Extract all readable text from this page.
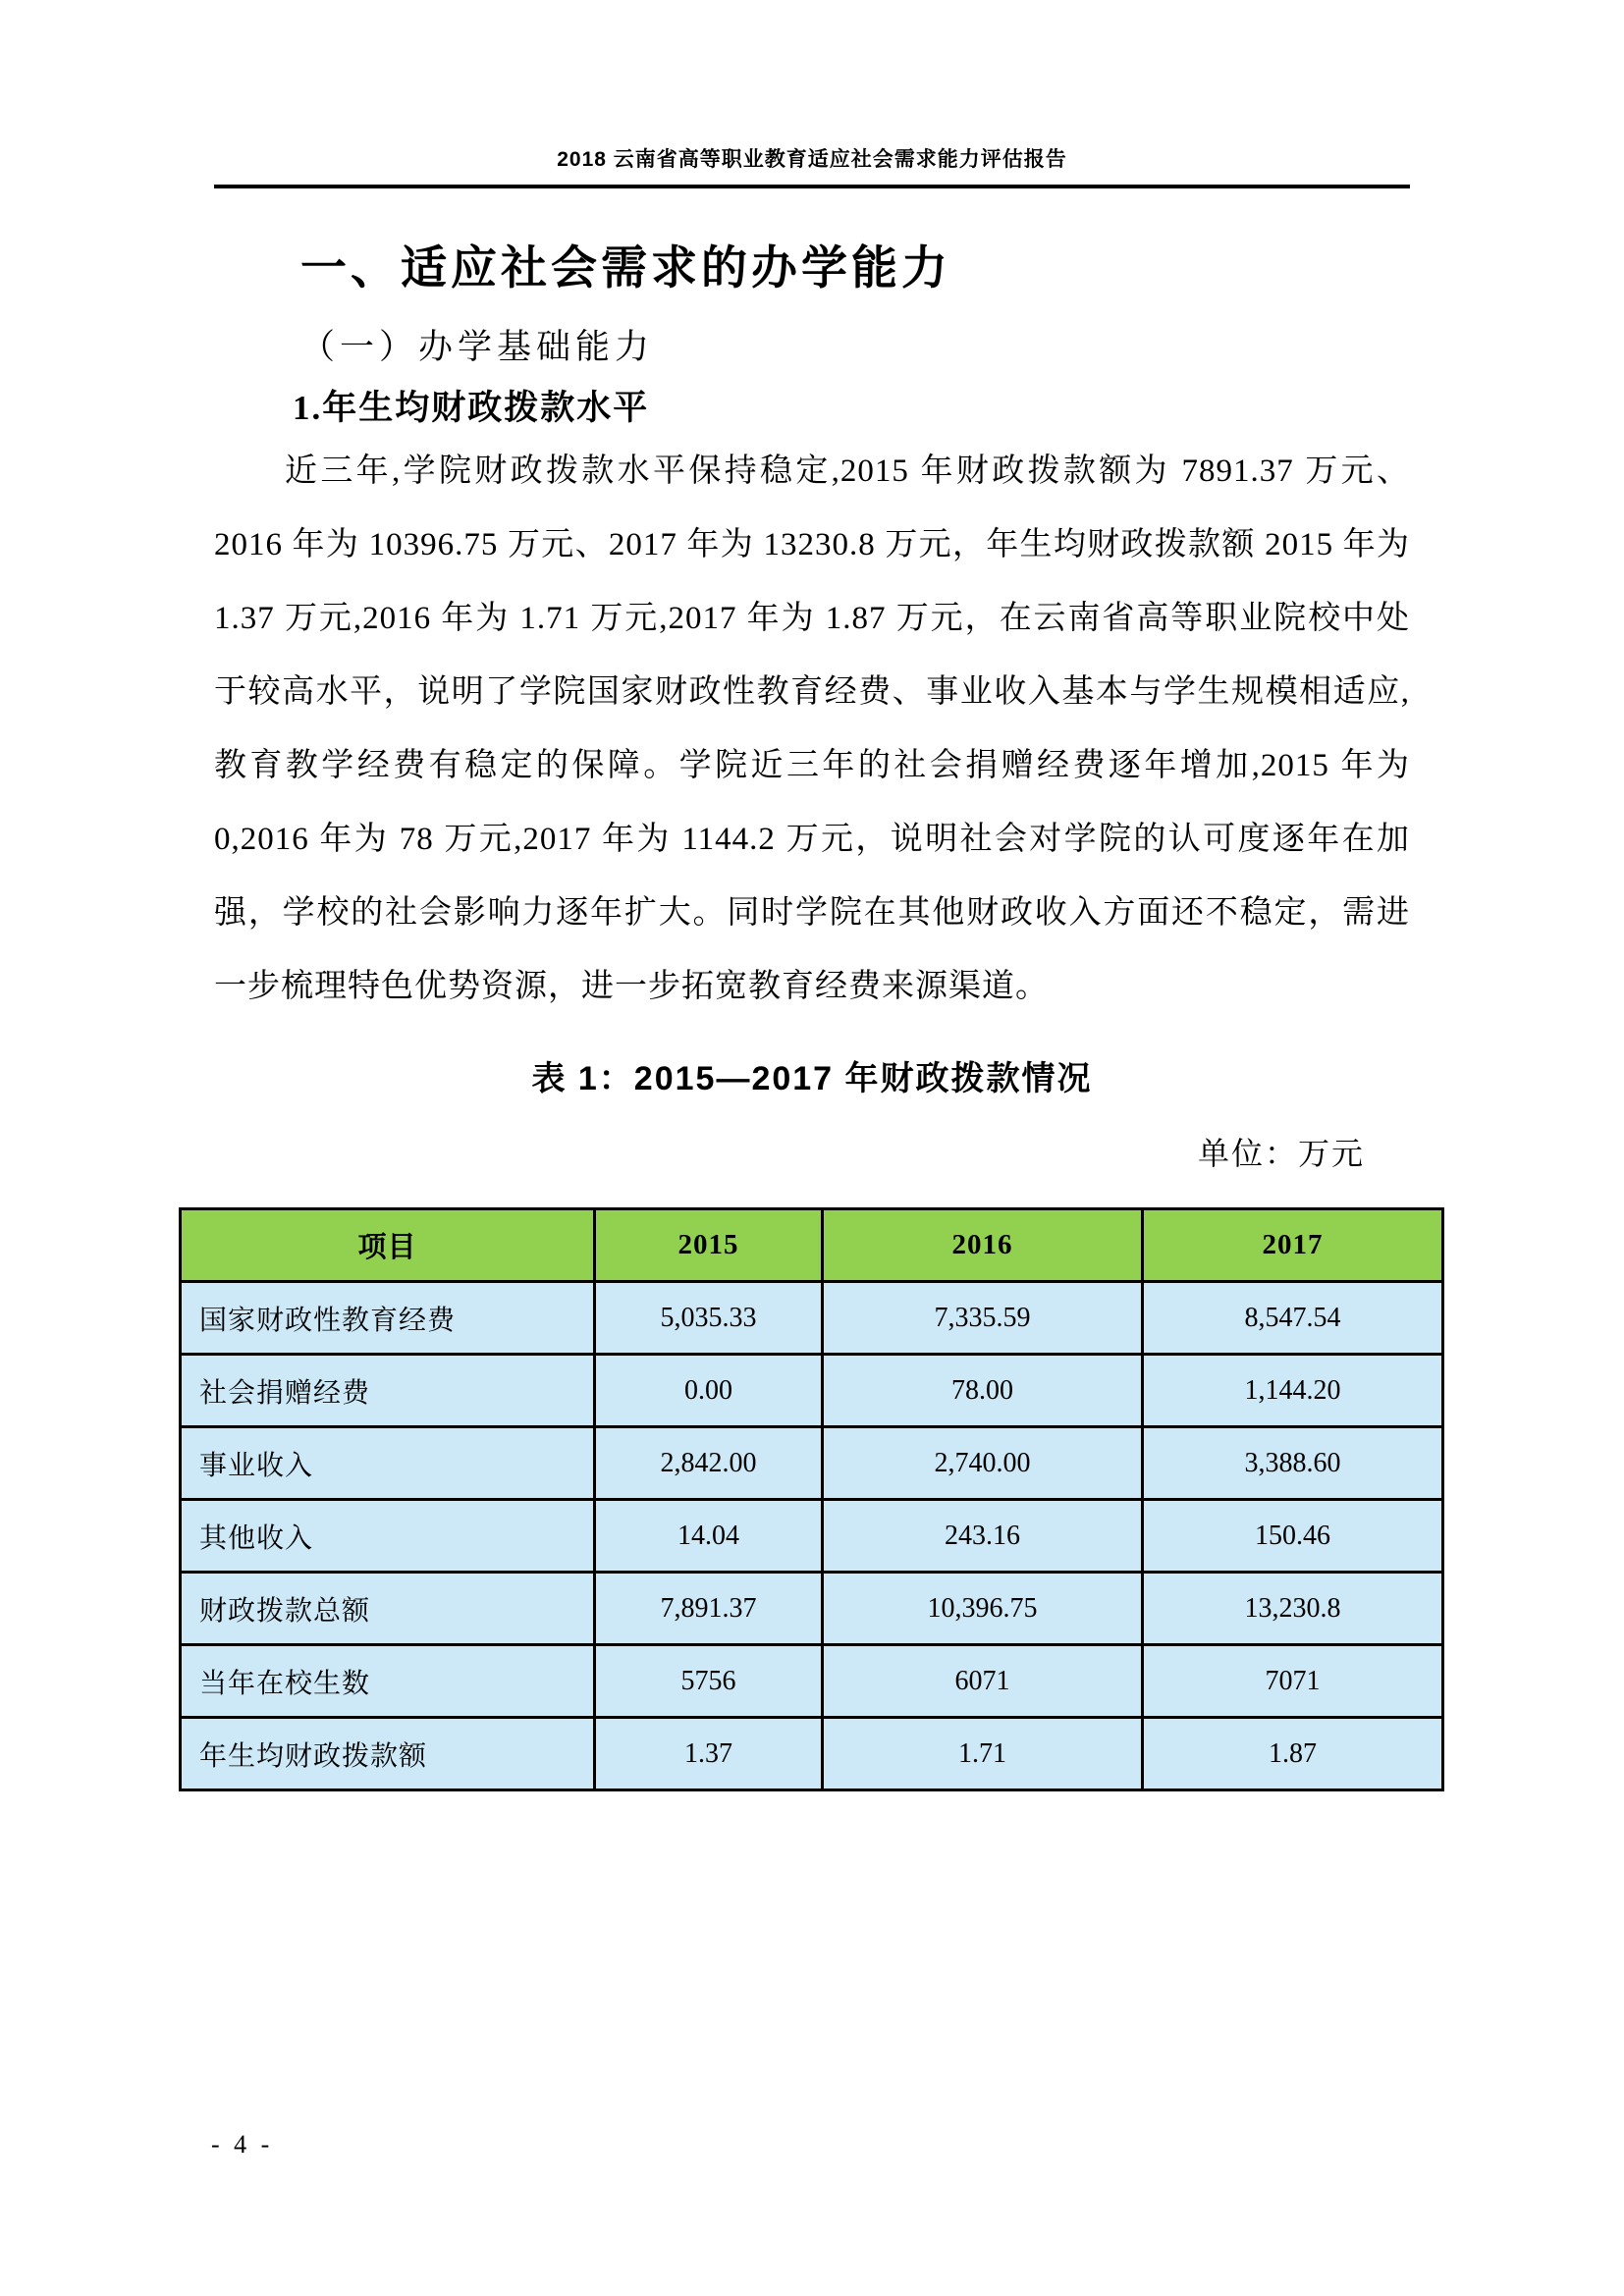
2018 云南省高等职业教育适应社会需求能力评估报告
一、适应社会需求的办学能力
（一）办学基础能力
1.年生均财政拨款水平

近三年,学院财政拨款水平保持稳定,2015 年财政拨款额为 7891.37 万元、2016 年为 10396.75 万元、2017 年为 13230.8 万元，年生均财政拨款额 2015 年为 1.37 万元,2016 年为 1.71 万元,2017 年为 1.87 万元，在云南省高等职业院校中处于较高水平，说明了学院国家财政性教育经费、事业收入基本与学生规模相适应,教育教学经费有稳定的保障。学院近三年的社会捐赠经费逐年增加,2015 年为 0,2016 年为 78 万元,2017 年为 1144.2 万元，说明社会对学院的认可度逐年在加强，学校的社会影响力逐年扩大。同时学院在其他财政收入方面还不稳定，需进一步梳理特色优势资源，进一步拓宽教育经费来源渠道。

表 1：2015—2017 年财政拨款情况
单位：万元
项目	2015	2016	2017
国家财政性教育经费	5,035.33	7,335.59	8,547.54
社会捐赠经费	0.00	78.00	1,144.20
事业收入	2,842.00	2,740.00	3,388.60
其他收入	14.04	243.16	150.46
财政拨款总额	7,891.37	10,396.75	13,230.8
当年在校生数	5756	6071	7071
年生均财政拨款额	1.37	1.71	1.87
- 4 -
